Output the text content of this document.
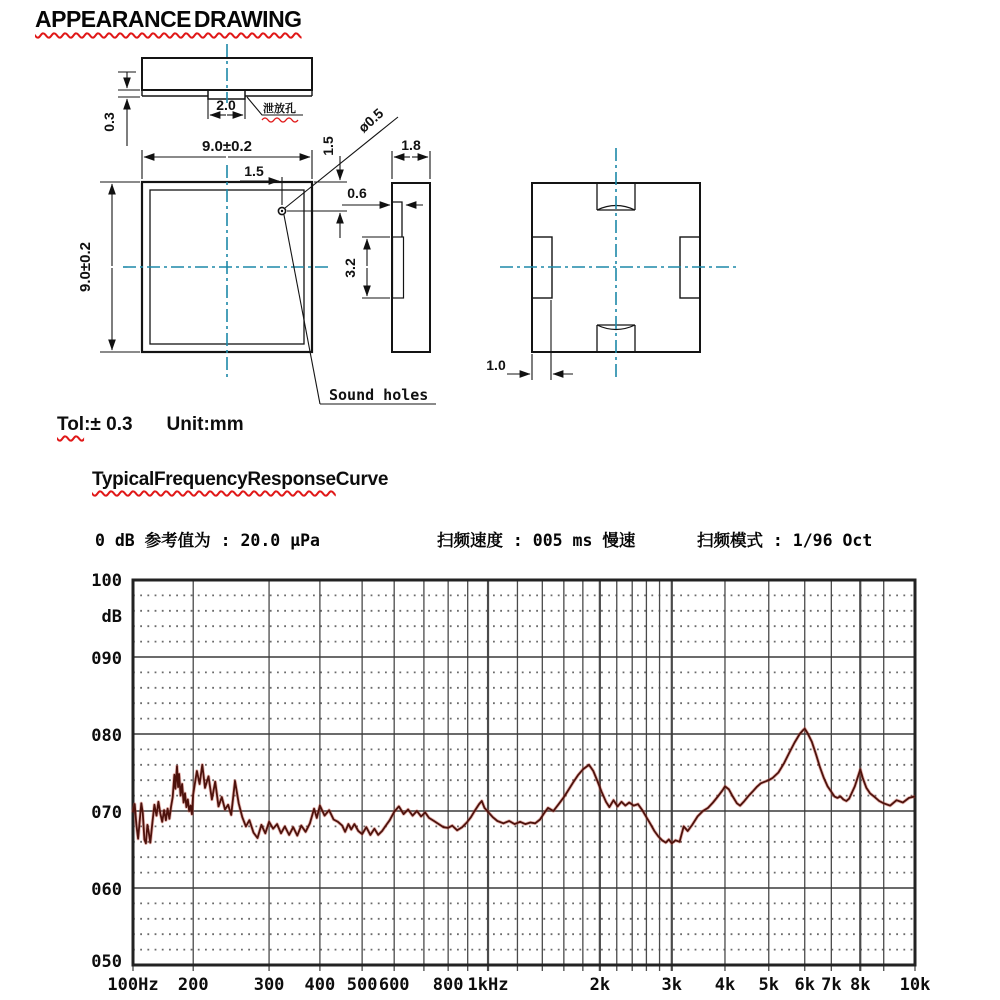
APPEARANCE DRAWING
0.3
2.0 泄放孔
9.0±0.2
9.0±0.2
1.5
1.5
ø0.5
Sound holes
1.8
0.6
3.2
1.0
Tol:± 0.3 Unit:mm
TypicalFrequencyResponseCurve
0 dB 参考值为 : 20.0 μPa	扫频速度 : 005 ms 慢速	扫频模式 : 1/96 Oct
100
dB
090
080
070
060
050
100Hz 200	300 400 500 600 800 1kHz	2k	3k 4k 5k 6k 7k 8k 10k
